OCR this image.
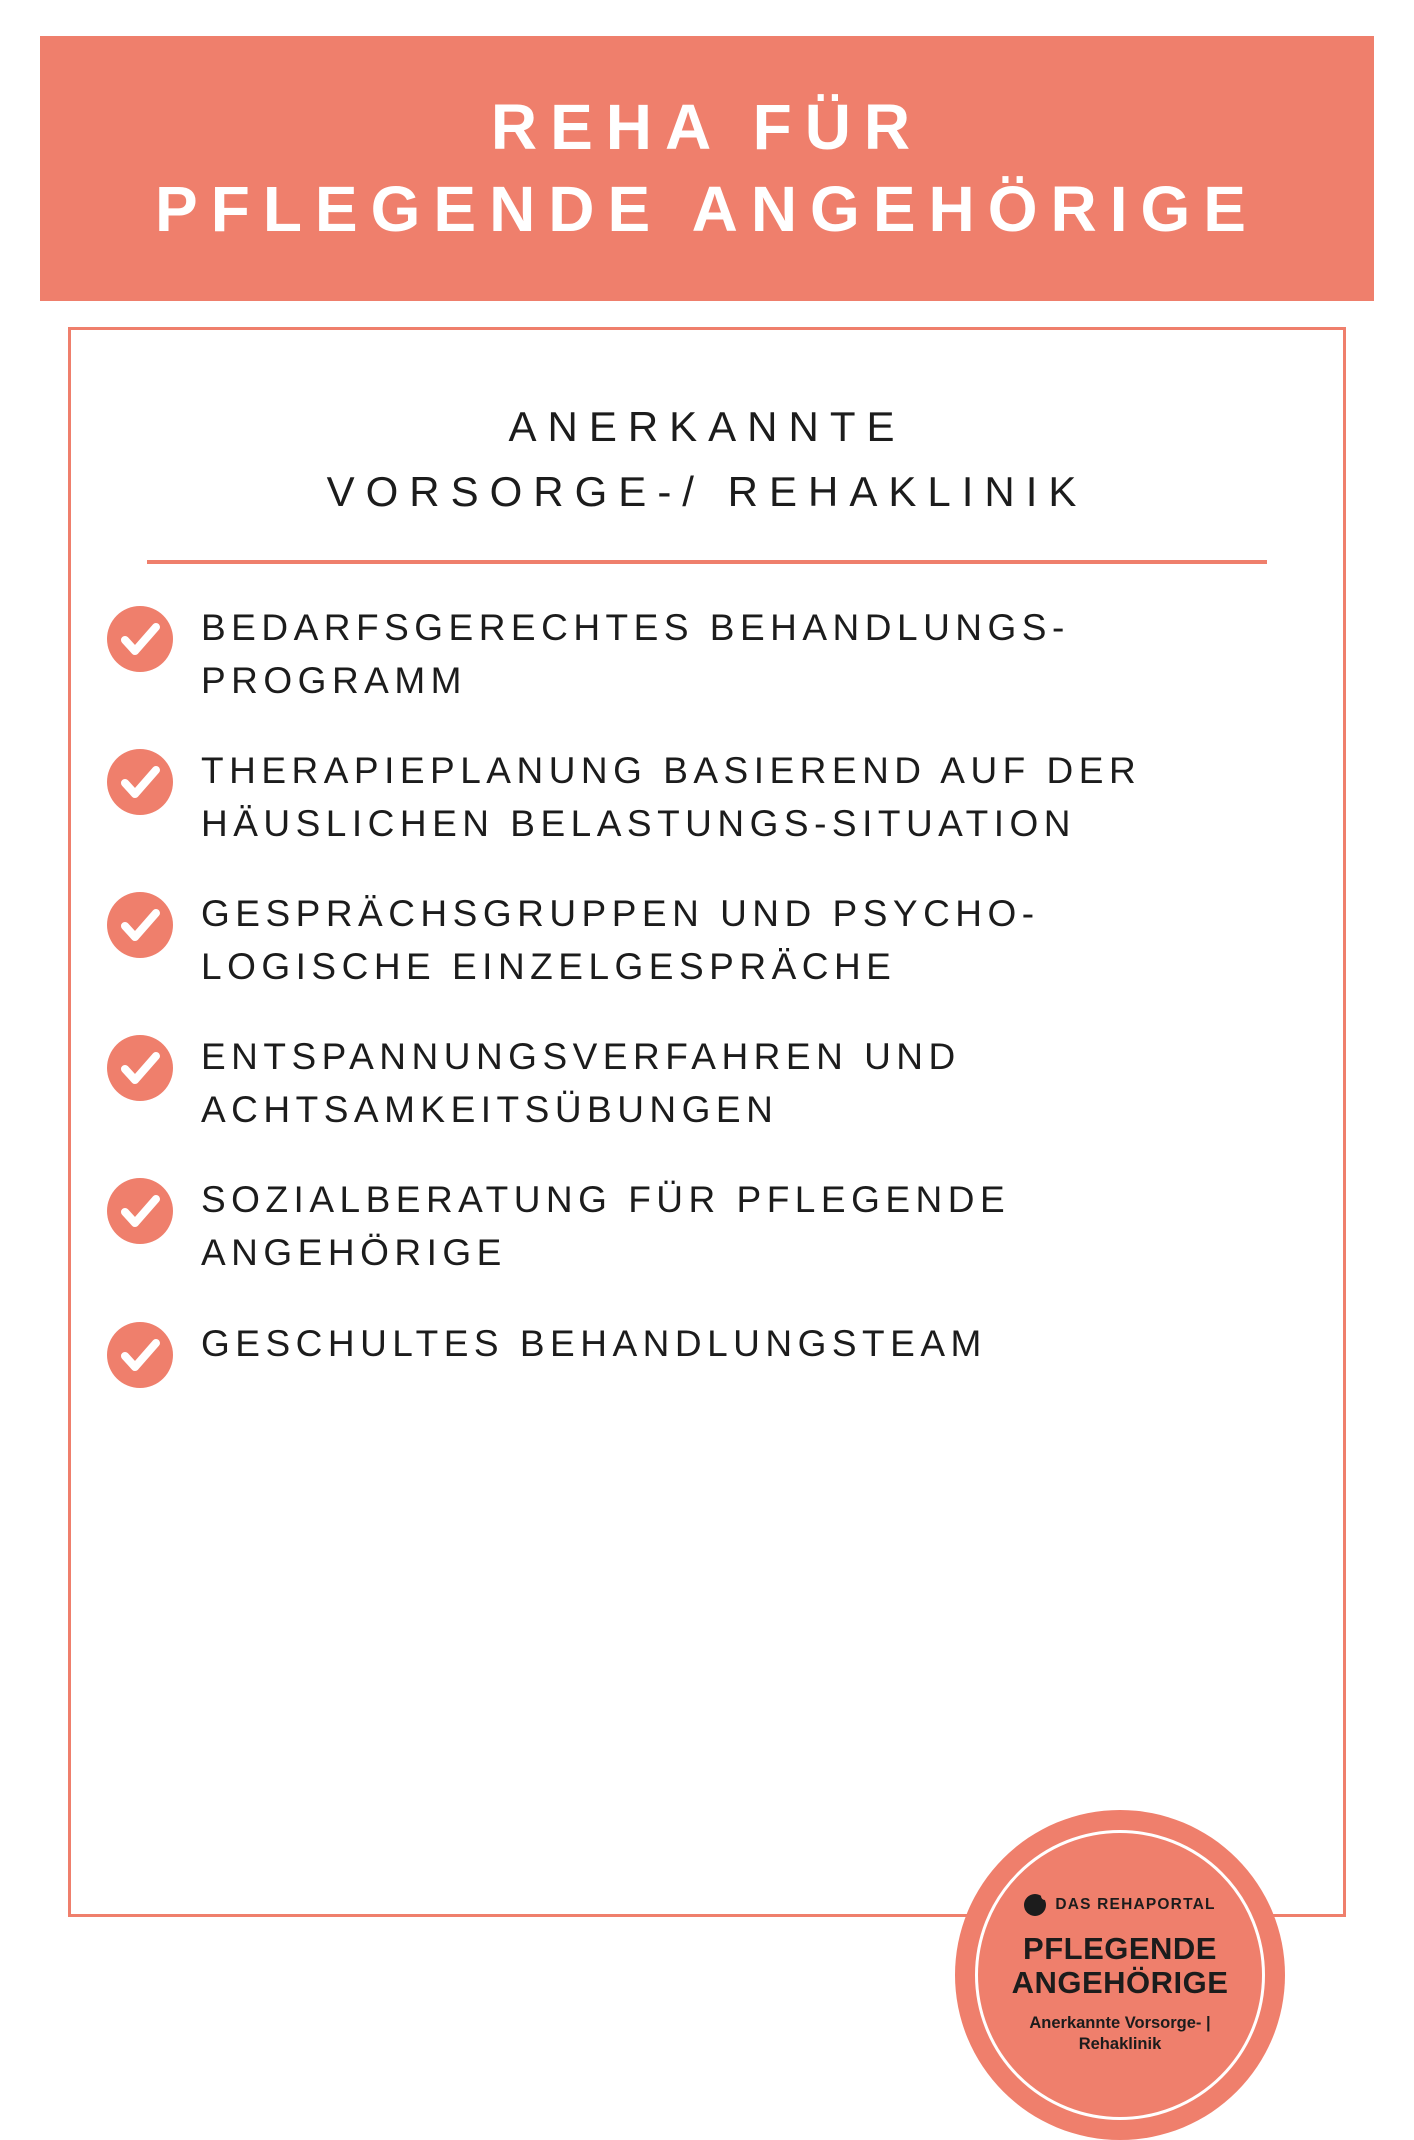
REHA FÜR
PFLEGENDE ANGEHÖRIGE
ANERKANNTE
VORSORGE-/ REHAKLINIK
BEDARFSGERECHTES BEHANDLUNGS-PROGRAMM
THERAPIEPLANUNG BASIEREND AUF DER HÄUSLICHEN BELASTUNGS-SITUATION
GESPRÄCHSGRUPPEN UND PSYCHO-LOGISCHE EINZELGESPRÄCHE
ENTSPANNUNGSVERFAHREN UND ACHTSAMKEITSÜBUNGEN
SOZIALBERATUNG FÜR PFLEGENDE ANGEHÖRIGE
GESCHULTES BEHANDLUNGSTEAM
DAS REHAPORTAL
PFLEGENDE
ANGEHÖRIGE
Anerkannte Vorsorge- |
Rehaklinik
